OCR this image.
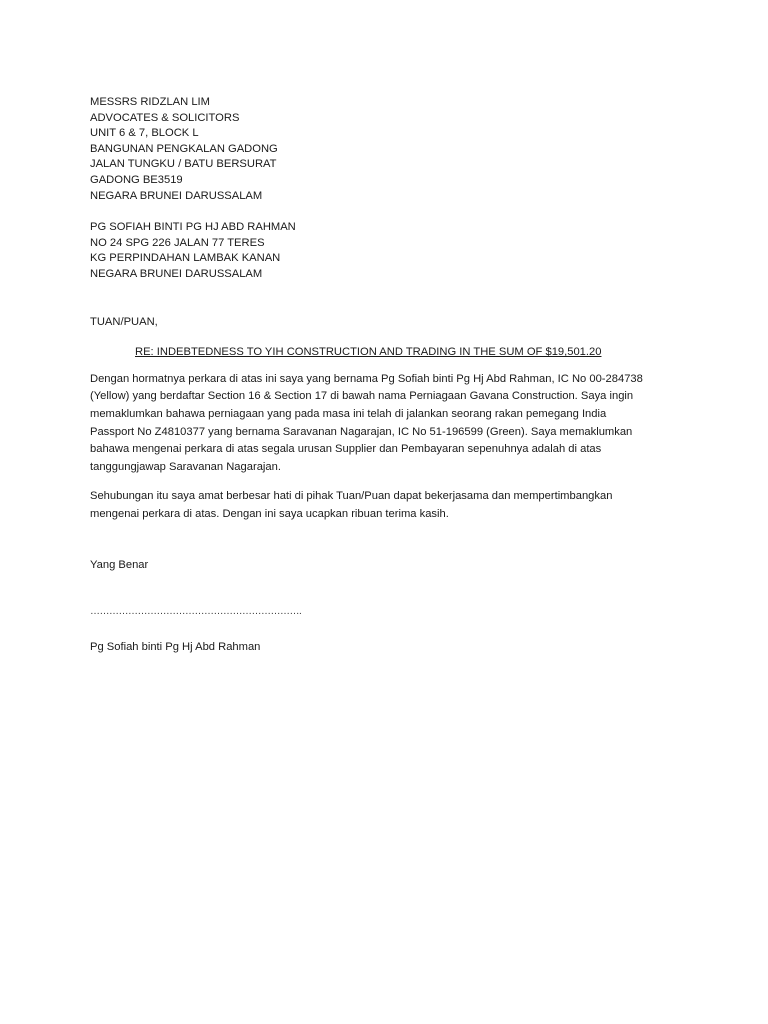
MESSRS RIDZLAN LIM
ADVOCATES & SOLICITORS
UNIT 6 & 7, BLOCK L
BANGUNAN PENGKALAN GADONG
JALAN TUNGKU / BATU BERSURAT
GADONG BE3519
NEGARA BRUNEI DARUSSALAM
PG SOFIAH BINTI PG HJ ABD RAHMAN
NO 24 SPG 226 JALAN 77 TERES
KG PERPINDAHAN LAMBAK KANAN
NEGARA BRUNEI DARUSSALAM
TUAN/PUAN,
RE: INDEBTEDNESS TO YIH CONSTRUCTION AND TRADING IN THE SUM OF $19,501.20

Dengan hormatnya perkara di atas ini saya yang bernama Pg Sofiah binti Pg Hj Abd Rahman, IC No 00-284738 (Yellow) yang berdaftar Section 16 & Section 17 di bawah nama Perniagaan Gavana Construction. Saya ingin memaklumkan bahawa perniagaan yang pada masa ini telah di jalankan seorang rakan pemegang India Passport No Z4810377 yang bernama Saravanan Nagarajan, IC No 51-196599 (Green). Saya memaklumkan bahawa mengenai perkara di atas segala urusan Supplier dan Pembayaran sepenuhnya adalah di atas tanggungjawap Saravanan Nagarajan.

Sehubungan itu saya amat berbesar hati di pihak Tuan/Puan dapat bekerjasama dan mempertimbangkan mengenai perkara di atas. Dengan ini saya ucapkan ribuan terima kasih.

Yang Benar
………………………………………………………….
Pg Sofiah binti Pg Hj Abd Rahman
